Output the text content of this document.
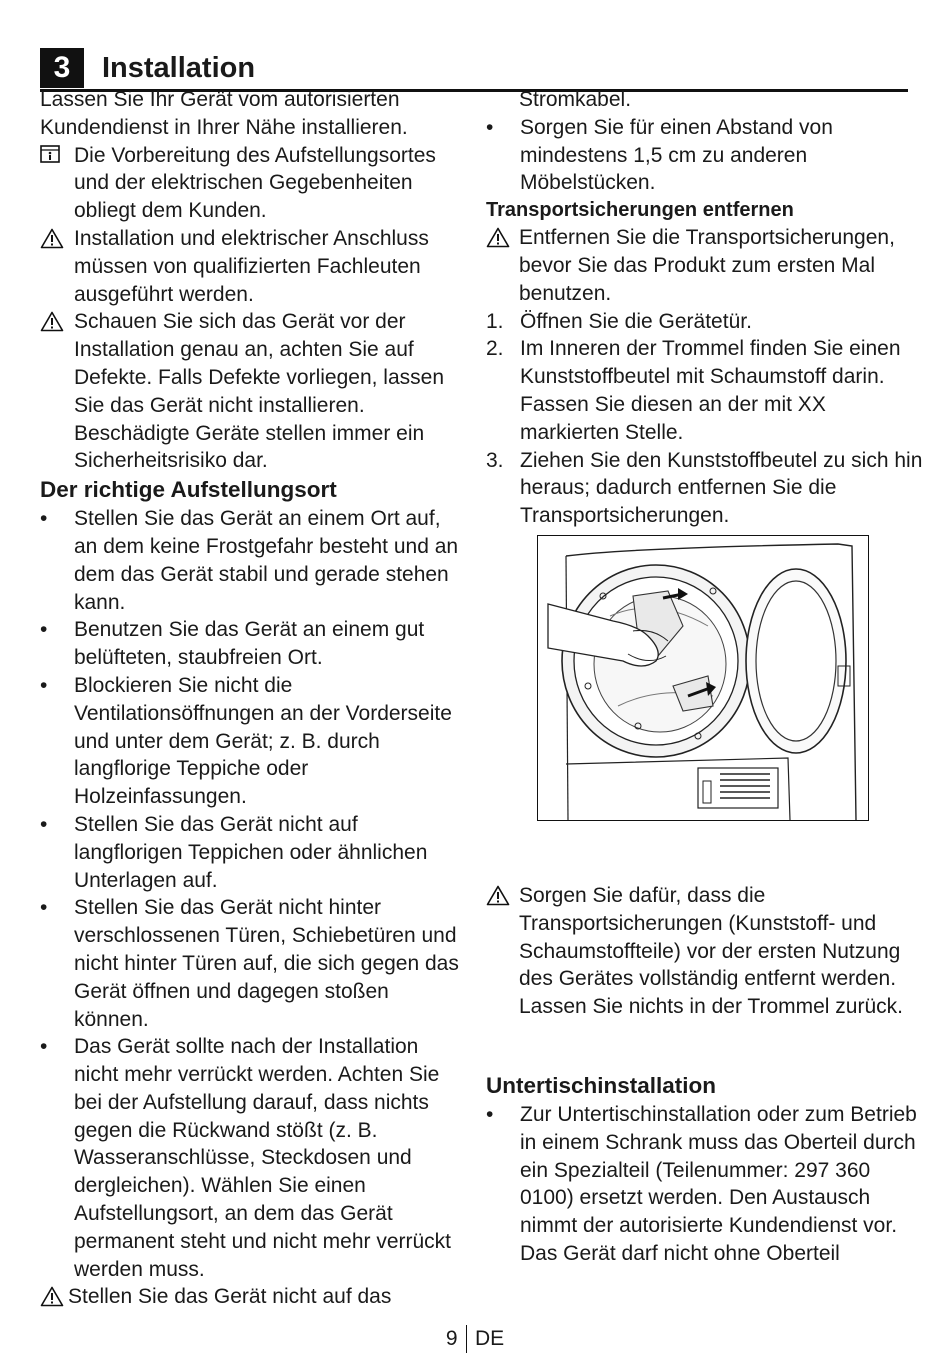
3	Installation

Lassen Sie Ihr Gerät vom autorisierten Kundendienst in Ihrer Nähe installieren.

Die Vorbereitung des Aufstellungsortes und der elektrischen Gegebenheiten obliegt dem Kunden.

Installation und elektrischer Anschluss müssen von qualifizierten Fachleuten ausgeführt werden.

Schauen Sie sich das Gerät vor der Installation genau an, achten Sie auf Defekte. Falls Defekte vorliegen, lassen Sie das Gerät nicht installieren. Beschädigte Geräte stellen immer ein Sicherheitsrisiko dar.

Der richtige Aufstellungsort

•	Stellen Sie das Gerät an einem Ort auf, an dem keine Frostgefahr besteht und an dem das Gerät stabil und gerade stehen kann.

•	Benutzen Sie das Gerät an einem gut belüfteten, staubfreien Ort.

•	Blockieren Sie nicht die Ventilationsöffnungen an der Vorderseite und unter dem Gerät; z. B. durch langflorige Teppiche oder Holzeinfassungen.

•	Stellen Sie das Gerät nicht auf langflorigen Teppichen oder ähnlichen Unterlagen auf.

•	Stellen Sie das Gerät nicht hinter verschlossenen Türen, Schiebetüren und nicht hinter Türen auf, die sich gegen das Gerät öffnen und dagegen stoßen können.

•	Das Gerät sollte nach der Installation nicht mehr verrückt werden. Achten Sie bei der Aufstellung darauf, dass nichts gegen die Rückwand stößt (z. B. Wasseranschlüsse, Steckdosen und dergleichen). Wählen Sie einen Aufstellungsort, an dem das Gerät permanent steht und nicht mehr verrückt werden muss.

Stellen Sie das Gerät nicht auf das

Stromkabel.

•	Sorgen Sie für einen Abstand von mindestens 1,5 cm zu anderen Möbelstücken.

Transportsicherungen entfernen

Entfernen Sie die Transportsicherungen, bevor Sie das Produkt zum ersten Mal benutzen.

1. Öffnen Sie die Gerätetür.

2. Im Inneren der Trommel finden Sie einen Kunststoffbeutel mit Schaumstoff darin. Fassen Sie diesen an der mit XX markierten Stelle.

3. Ziehen Sie den Kunststoffbeutel zu sich hin heraus; dadurch entfernen Sie die Transportsicherungen.

Sorgen Sie dafür, dass die Transportsicherungen (Kunststoff- und Schaumstoffteile) vor der ersten Nutzung des Gerätes vollständig entfernt werden. Lassen Sie nichts in der Trommel zurück.

Untertischinstallation

•	Zur Untertischinstallation oder zum Betrieb in einem Schrank muss das Oberteil durch ein Spezialteil (Teilenummer: 297 360 0100) ersetzt werden. Den Austausch nimmt der autorisierte Kundendienst vor. Das Gerät darf nicht ohne Oberteil

9 DE
